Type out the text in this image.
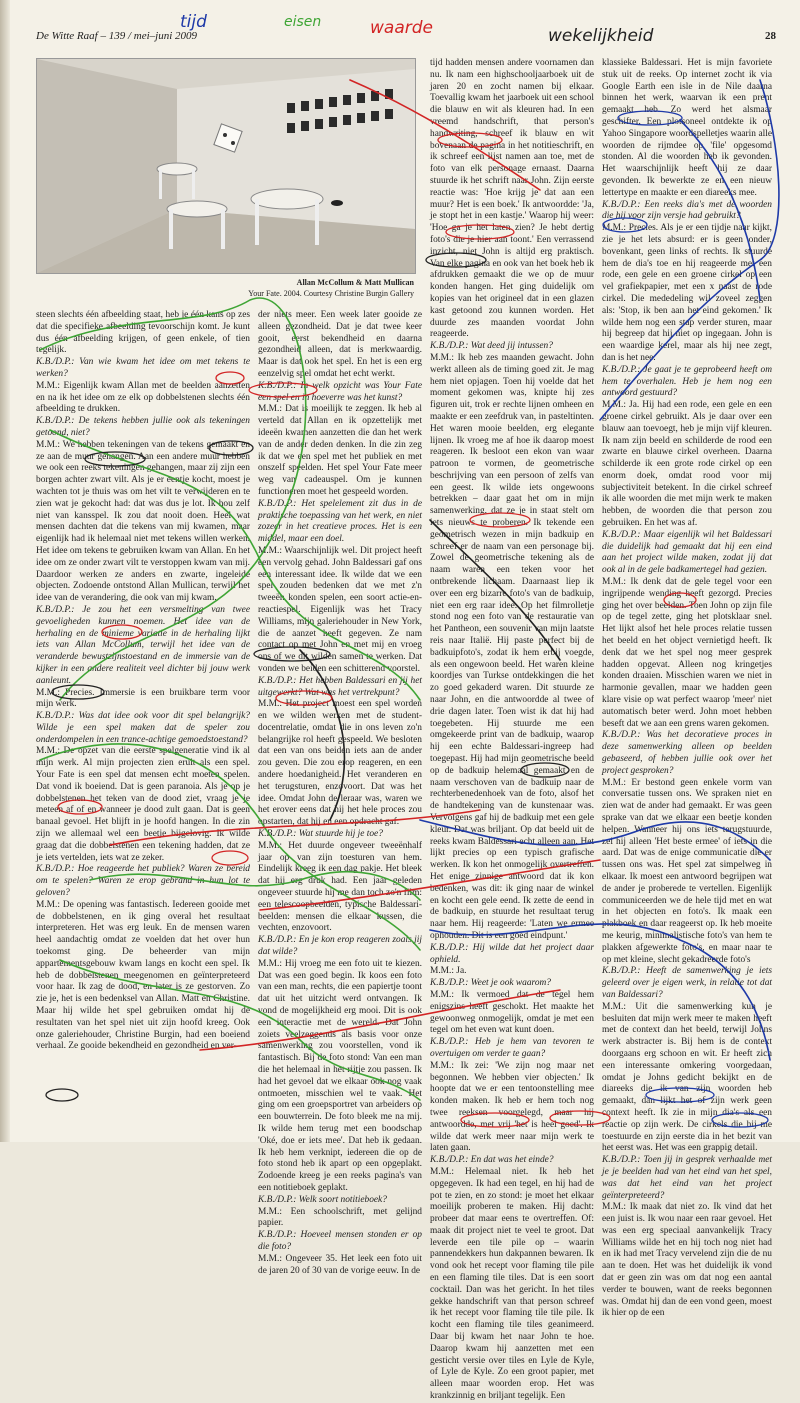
De Witte Raaf – 139 / mei–juni 2009	28
tijd	eisen	waarde	wekelijkheid
Allan McCollum & Matt Mullican
Your Fate. 2004. Courtesy Christine Burgin Gallery

steen slechts één afbeelding staat, heb je één kans op zes dat die specifieke afbeelding tevoorschijn komt. Je kunt dus één afbeelding krijgen, of geen enkele, of tien tegelijk.

K.B./D.P.: Van wie kwam het idee om met tekens te werken?

M.M.: Eigenlijk kwam Allan met de beelden aanzetten en na ik het idee om ze elk op dobbelstenen slechts één afbeelding te drukken.

K.B./D.P.: De tekens hebben jullie ook als tekeningen getoond, niet?

M.M.: We hebben tekeningen van de tekens gemaakt en ze aan de muur gehangen. Aan een andere muur hebben we ook een reeks tekeningen gehangen, maar zij zijn een borgen achter zwart vilt. Als je er eentje kocht, moest je wachten tot je thuis was om het vilt te verwijderen en te zien wat je gekocht had: dat was dus je lot. Ik hou zelf niet van kansspel. Ik zou dat nooit doen. Heel wat mensen dachten dat die tekens van mij kwamen, maar eigenlijk had ik helemaal niet met tekens willen werken. Het idee om tekens te gebruiken kwam van Allan. En het idee om ze onder zwart vilt te verstoppen kwam van mij. Daardoor werken ze anders en zwarte, ingeleide objecten. Zodoende ontstond Allan Mullican, terwijl het idee van de verandering, die ook van mij kwam.

K.B./D.P.: Je zou het een versmelting van twee gevoeligheden kunnen noemen. Het idee van de herhaling en de minieme variatie in de herhaling lijkt iets van Allan McCollum, terwijl het idee van de veranderde bewustzijnstoestand en de immersie van de kijker in een andere realiteit veel dichter bij jouw werk aanleunt.

M.M.: Precies. Immersie is een bruikbare term voor mijn werk.

K.B./D.P.: Was dat idee ook voor dit spel belangrijk? Wilde je een spel maken dat de speler zou onderdompelen in een trance-achtige gemoedstoestand?

M.M.: De opzet van die eerste spelgeneratie vind ik al mijn werk. Al mijn projecten zien eruit als een spel. Your Fate is een spel dat mensen echt moeten spelen. Dat vond ik boeiend. Dat is geen paranoia. Als je op je dobbelstenen het teken van de dood ziet, vraag je je meteen af of en wanneer je dood zult gaan. Dat is geen banaal gevoel. Het blijft in je hoofd hangen. In die zin zijn we allemaal wel een beetje bijgelovig. Ik wilde graag dat die dobbelstenen een tekening hadden, dat ze je iets vertelden, iets wat ze zeker.

K.B./D.P.: Hoe reageerde het publiek? Waren ze bereid om te spelen? Waren ze erop gebrand in hun lot te geloven?

M.M.: De opening was fantastisch. Iedereen gooide met de dobbelstenen, en ik ging overal het resultaat interpreteren. Het was erg leuk. En de mensen waren heel aandachtig omdat ze voelden dat het over hun toekomst ging. De beheerder van mijn appartementsgebouw kwam langs en kocht een spel. Ik heb de dobbelstenen meegenomen en geïnterpreteerd voor haar. Ik zag de dood, en later is ze gestorven. Zo zie je, het is een bedenksel van Allan. Matt en Christine. Maar hij wilde het spel gebruiken omdat hij de resultaten van het spel niet uit zijn hoofd kreeg. Ook onze galeriehouder, Christine Burgin, had een boeiend verhaal. Ze gooide bekendheid en gezondheid en ver-

der niets meer. Een week later gooide ze alleen gezondheid. Dat je dat twee keer gooit, eerst bekendheid en daarna gezondheid alleen, dat is merkwaardig. Maar is dat ook het spel. En het is een erg eenzelvig spel omdat het echt werkt.

K.B./D.P.: In welk opzicht was Your Fate een spel en in hoeverre was het kunst?

M.M.: Dat is moeilijk te zeggen. Ik heb al verteld dat Allan en ik opzettelijk met ideeën kwamen aanzetten die dan het werk van de ander deden denken. In die zin zeg ik dat we een spel met het publiek en met onszelf speelden. Het spel Your Fate meer weg van cadeauspel. Om je kunnen functioneren moet het gespeeld worden.

K.B./D.P.: Het spelelement zit dus in de praktische toepassing van het werk, en niet zozeer in het creatieve proces. Het is een middel, maar een doel.

M.M.: Waarschijnlijk wel. Dit project heeft een vervolg gehad. John Baldessari gaf ons een interessant idee. Ik wilde dat we een spel zouden bedenken dat we met z'n tweeën konden spelen, een soort actie-en-reactiespel. Eigenlijk was het Tracy Williams, mijn galeriehouder in New York, die de aanzet heeft gegeven. Ze nam contact op met John en met mij en vroeg ons of we dit wilden samen te werken. Dat vonden we beiden een schitterend voorstel.

K.B./D.P.: Het hebben Baldessari en jij het uitgewerkt? Wat was het vertrekpunt?

M.M.: Het project moest een spel worden en we wilden werken met de student-docentrelatie, omdat die in ons leven zo'n belangrijke rol heeft gespeeld. We besloten dat een van ons beiden iets aan de ander zou geven. Die zou erop reageren, en een andere hoedanigheid. Het veranderen en het terugsturen, enzovoort. Dat was het idee. Omdat John de leraar was, waren we het erover eens dat hij het hele proces zou opstarten, dat hij en een opdracht gaf.

K.B./D.P.: Wat stuurde hij je toe?

M.M.: Het duurde ongeveer tweeënhalf jaar op van zijn toesturen van hem. Eindelijk kreeg ik een dag pakje. Het bleek dat hij erg druk had. Een jaar geleden ongeveer stuurde hij me dan toch zo'n film: een telescoopbeelden, typische Baldessari-beelden: mensen die elkaar kussen, die vechten, enzovoort.

K.B./D.P.: En je kon erop reageren zoals jij dat wilde?

M.M.: Hij vroeg me een foto uit te kiezen. Dat was een goed begin. Ik koos een foto van een man, rechts, die een papiertje toont dat uit het uitzicht werd ontvangen. Ik vond de mogelijkheid erg mooi. Dit is ook een interactie met de wereld. Dat John zoiets veelzeggends als basis voor onze samenwerking zou voorstellen, vond ik fantastisch. Bij de foto stond: Van een man die het helemaal in het rijtje zou passen. Ik had het gevoel dat we elkaar ook nog vaak ontmoeten, misschien wel te vaak. Het ging om een groepsportret van arbeiders op een bouwterrein. De foto bleek me na mij. Ik wilde hem terug met een boodschap 'Oké, doe er iets mee'. Dat heb ik gedaan. Ik heb hem verknipt, iedereen die op de foto stond heb ik apart op een opgeplakt. Zodoende kreeg je een reeks pagina's van een notitieboek geplakt.

K.B./D.P.: Welk soort notitieboek?

M.M.: Een schoolschrift, met gelijnd papier.

K.B./D.P.: Hoeveel mensen stonden er op die foto?

M.M.: Ongeveer 35. Het leek een foto uit de jaren 20 of 30 van de vorige eeuw. In de

tijd hadden mensen andere voornamen dan nu. Ik nam een highschooljaarboek uit de jaren 20 en zocht namen bij elkaar. Toevallig kwam het jaarboek uit een school die blauw en wit als kleuren had. In een vreemd handschrift, that person's handwriting, schreef ik blauw en wit bovenaan de pagina in het notitieschrift, en ik schreef een lijst namen aan toe, met de foto van elk personage ernaast. Daarna stuurde ik het schrift naar John. Zijn eerste reactie was: 'Hoe krijg je dat aan een muur? Het is een boek.' Ik antwoordde: 'Ja, je stopt het in een kastje.' Waarop hij weer: 'Hoe ga je het laten zien? Je hebt dertig foto's die je hier aan toont.' Een verrassend inzicht, niet John is altijd erg praktisch. Van elke pagina en ook van het boek heb ik afdrukken gemaakt die we op de muur konden hangen. Het ging duidelijk om kopies van het origineel dat in een glazen kast getoond zou kunnen worden. Het duurde zes maanden voordat John reageerde.

K.B./D.P.: Wat deed jij intussen?

M.M.: Ik heb zes maanden gewacht. John werkt alleen als de timing goed zit. Je mag hem niet opjagen. Toen hij voelde dat het moment gekomen was, knipte hij zes figuren uit, trok er rechte lijnen omheen en maakte er een zeefdruk van, in pasteltinten. Het waren mooie beelden, erg elegante lijnen. Ik vroeg me af hoe ik daarop moest reageren. Ik besloot een ekon van waar patroon te vormen, de geometrische beschrijving van een persoon of zelfs van een geest. Ik wilde iets ongewoons betrekken – daar gaat het om in mijn samenwerking, dat ze je in staat stelt om iets nieuws te proberen. Ik tekende een geometrisch wezen in mijn badkuip en schreef er de naam van een personage bij. Zowel de geometrische tekening als de naam waren een teken voor het ontbrekende lichaam. Daarnaast liep ik over een erg bizarre foto's van de badkuip, niet een erg raar idee. Op het filmrolletje stond nog een foto van de restauratie van het Pantheon, een souvenir van mijn laatste reis naar Italië. Hij paste perfect bij de badkuipfoto's, zodat ik hem erbij voegde, als een ongewoon beeld. Het waren kleine koordjes van Turkse ontdekkingen die het zo goed gekaderd waren. Dit stuurde ze naar John, en die antwoordde al twee of drie dagen later. Toen wist ik dat hij had toegebeten. Hij stuurde me een omgekeerde print van de badkuip, waarop hij een echte Baldessari-ingreep had toegepast. Hij had mijn geometrische beeld op de badkuip helemaal gemaakt en de naam verschoven van de badkuip naar de rechterbenedenhoek van de foto, alsof het de handtekening van de kunstenaar was. Vervolgens gaf hij de badkuip met een gele kleur. Dat was briljant. Op dat beeld uit de reeks kwam Baldessari echt alleen aan. Het lijkt precies op een typisch grafische werken. Ik kon het onmogelijk overtreffen. Het enige zinnige antwoord dat ik kon bedenken, was dit: ik ging naar de winkel en kocht een gele eend. Ik zette de eend in de badkuip, en stuurde het resultaat terug naar hem. Hij reageerde: 'Laten we ermee ophouden. Dit is een goed eindpunt.'

K.B./D.P.: Hij wilde dat het project daar ophield.

M.M.: Ja.

K.B./D.P.: Weet je ook waarom?

M.M.: Ik vermoed dat de tegel hem enigszins heeft geschokt. Het maakte het gewoonweg onmogelijk, omdat je met een tegel om het even wat kunt doen.

K.B./D.P.: Heb je hem van tevoren te overtuigen om verder te gaan?

M.M.: Ik zei: 'We zijn nog maar net begonnen. We hebben vier objecten.' Ik hoopte dat we er een tentoonstelling mee konden maken. Ik heb er hem toch nog twee reeksen voorgelegd, maar hij antwoordde, met vrij 'het is heel goed'. Ik wilde dat werk meer naar mijn werk te laten gaan.

K.B./D.P.: En dat was het einde?

M.M.: Helemaal niet. Ik heb het opgegeven. Ik had een tegel, en hij had de pot te zien, en zo stond: je moet het elkaar moeilijk proberen te maken. Hij dacht: probeer dat maar eens te overtreffen. Of: maak dit project niet te veel te groot. Dat leverde een tile pile op – waarin pannendekkers hun dakpannen bewaren. Ik vond ook het recept voor flaming tile pile en een flaming tile tiles. Dat is een soort cocktail. Dan was het gericht. In het tiles gekke handschrift van that person schreef ik het recept voor flaming tile tile pile. Ik kocht een flaming tile tiles geanimeerd. Daar bij kwam het naar John te hoe. Daarop kwam hij aanzetten met een gesticht versie over tiles en Lyle de Kyle, of Lyle de Kyle. Zo een groot papier, met alleen maar woorden erop. Het was krankzinnig en briljant tegelijk. Een

klassieke Baldessari. Het is mijn favoriete stuk uit de reeks. Op internet zocht ik via Google Earth een isle in de Nile daarna binnen het werk, waarvan ik een prent gemaakt heb. Zo werd het alsmaar geschifter. Een plotsoneel ontdekte ik op Yahoo Singapore woordspelletjes waarin alle woorden de rijmdee op 'file' opgesomd stonden. Al die woorden heb ik gevonden. Het waarschijnlijk heeft hij ze daar gevonden. Ik bewerkte ze en een nieuw lettertype en maakte er een diareeks mee.

K.B./D.P.: Een reeks dia's met de woorden die hij voor zijn versje had gebruikt?

M.M.: Precies. Als je er een tijdje naar kijkt, zie je het lets absurd: er is geen onder, bovenkant, geen links of rechts. Ik stuurde hem de dia's toe en hij reageerde met een rode, een gele en een groene cirkel op een vel grafiekpapier, met een x naast de rode cirkel. Die mededeling wil zoveel zeggen als: 'Stop, ik ben aan het eind gekomen.' Ik wilde hem nog een stap verder sturen, maar hij begreep dat hij niet op ingegaan. John is een waardige kerel, maar als hij nee zegt, dan is het nee.

K.B./D.P.: Je gaat je te geprobeerd heeft om hem te overhalen. Heb je hem nog een antwoord gestuurd?

M.M.: Ja. Hij had een rode, een gele en een groene cirkel gebruikt. Als je daar over een blauw aan toevoegt, heb je mijn vijf kleuren. Ik nam zijn beeld en schilderde de rood een zwarte en blauwe cirkel overheen. Daarna schilderde ik een grote rode cirkel op een enorm doek, omdat rood voor mij subjectiviteit betekent. In die cirkel schreef ik alle woorden die met mijn werk te maken hebben, de woorden die that person zou gebruiken. En het was af.

K.B./D.P.: Maar eigenlijk wil het Baldessari die duidelijk had gemaakt dat hij een eind aan het project wilde maken, zodat jij dat ook al in de gele badkamertegel had gezien.

M.M.: Ik denk dat de gele tegel voor een ingrijpende wending heeft gezorgd. Precies ging het over beelden. Toen John op zijn file op de tegel zette, ging het plotsklaar snel. Het lijkt alsof het hele proces relatie tussen het beeld en het object vernietigd heeft. Ik denk dat we het spel nog meer gesprek hadden opgevat. Alleen nog kringetjes konden draaien. Misschien waren we niet in harmonie gevallen, maar we hadden geen klare visie op wat perfect waarop 'meer' niet automatisch beter werd. John moet hebben beseft dat we aan een grens waren gekomen.

K.B./D.P.: Was het decoratieve proces in deze samenwerking alleen op beelden gebaseerd, of hebben jullie ook over het project gesproken?

M.M.: Er bestond geen enkele vorm van conversatie tussen ons. We spraken niet en zien wat de ander had gemaakt. Er was geen sprake van dat we elkaar een beetje konden helpen. Wanneer hij ons iets terugstuurde, zei hij alleen 'Het beste ermee' of iets in die aard. Dat was de enige communicatie die er tussen ons was. Het spel zat simpelweg in elkaar. Ik moest een antwoord begrijpen wat de ander je proberede te vertellen. Eigenlijk communiceerden we de hele tijd met en wat in het objecten en foto's. Ik maak een plakboek en daar reageerst op. Ik heb moeite me keurig, minimalistische foto's van hem te plakken afgewerkte foto's, en maar naar te op met kleine, slecht gekadreerde foto's

K.B./D.P.: Heeft de samenwerking je iets geleerd over je eigen werk, in relatie tot dat van Baldessari?

M.M.: Uit die samenwerking kun je besluiten dat mijn werk meer te maken heeft met de context dan het beeld, terwijl Johns werk abstracter is. Bij hem is de context doorgaans erg schoon en wit. Er heeft zich een interessante omkering voorgedaan, omdat je Johns gedicht bekijkt en de diareeks die ik van zijn woorden heb gemaakt, dan lijkt het of zijn werk geen context heeft. Ik zie in mijn dia's als een reactie op zijn werk. De cirkels die hij me toestuurde en zijn eerste dia in het bezit van het eerst was. Het was een grappig detail.

K.B./D.P.: Toen jij in gesprek verhaalde met je je beelden had van het eind van het spel, was dat het eind van het project geïnterpreteerd?

M.M.: Ik maak dat niet zo. Ik vind dat het een juist is. Ik wou naar een raar gevoel. Het was een erg speciaal aanvankelijk Tracy Williams wilde het en hij toch nog niet had en ik had met Tracy vervelend zijn die de nu aan te doen. Het was het duidelijk ik vond dat er geen zin was om dat nog een aantal verder te bouwen, want de reeks begonnen was. Omdat hij dan de een vond geen, moest ik hier op de een
